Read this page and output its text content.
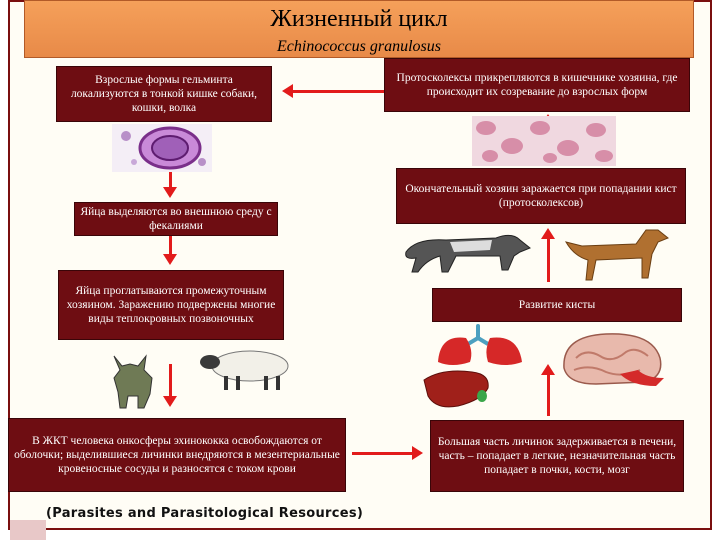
Жизненный цикл
Echinococcus granulosus
Взрослые формы гельминта локализуются в тонкой кишке собаки, кошки, волка
Яйца выделяются во внешнюю среду с фекалиями
Яйца проглатываются промежуточным хозяином. Заражению подвержены многие виды теплокровных позвоночных
В ЖКТ человека онкосферы эхинококка освобождаются от оболочки; выделившиеся личинки внедряются в мезентериальные кровеносные сосуды и разносятся с током крови
Протосколексы прикрепляются в кишечнике хозяина, где происходит их созревание до взрослых форм
Окончательный хозяин заражается при попадании кист (протосколексов)
Развитие кисты
Большая часть личинок задерживается в печени, часть – попадает в легкие, незначительная часть попадает в почки, кости, мозг
(Parasites and Parasitological Resources)
